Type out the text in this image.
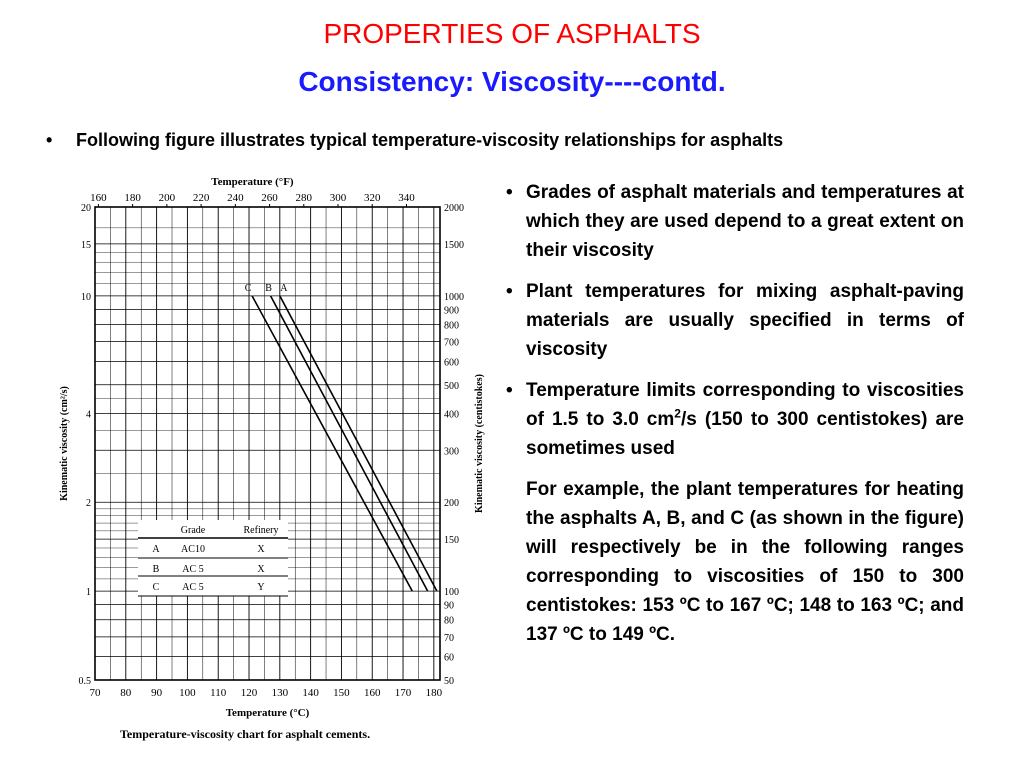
PROPERTIES OF ASPHALTS
Consistency: Viscosity----contd.
• Following figure illustrates typical temperature-viscosity relationships for asphalts
C B A
70 80 90 100 110 120 130 140 150 160 170 180
Temperature (°C)
160 180 200 220 240 260 280 300 320 340
Temperature (°F)
2000
1500
1000
900
800
700
600
500
400
300
200
150
100
90
80
70
60
50
Kinematic viscosity (centistokes)
20
15
10
4
2
1
0.5
Kinematic viscosity (cm²/s)
Temperature-viscosity chart for asphalt cements.
Grade	Refinery
A AC10	X
B AC 5	X
C AC 5	Y
• Grades of asphalt materials and temperatures at which they are used depend to a great extent on their viscosity
• Plant temperatures for mixing asphalt-paving materials are usually specified in terms of viscosity
• Temperature limits corresponding to viscosities of 1.5 to 3.0 $cm^2/s$ (150 to 300 centistokes) are sometimes used
For example, the plant temperatures for heating the asphalts A, B, and C (as shown in the figure) will respectively be in the following ranges corresponding to viscosities of 150 to 300 centistokes: 153 ºC to 167 ºC; 148 to 163 ºC; and 137 ºC to 149 ºC.
